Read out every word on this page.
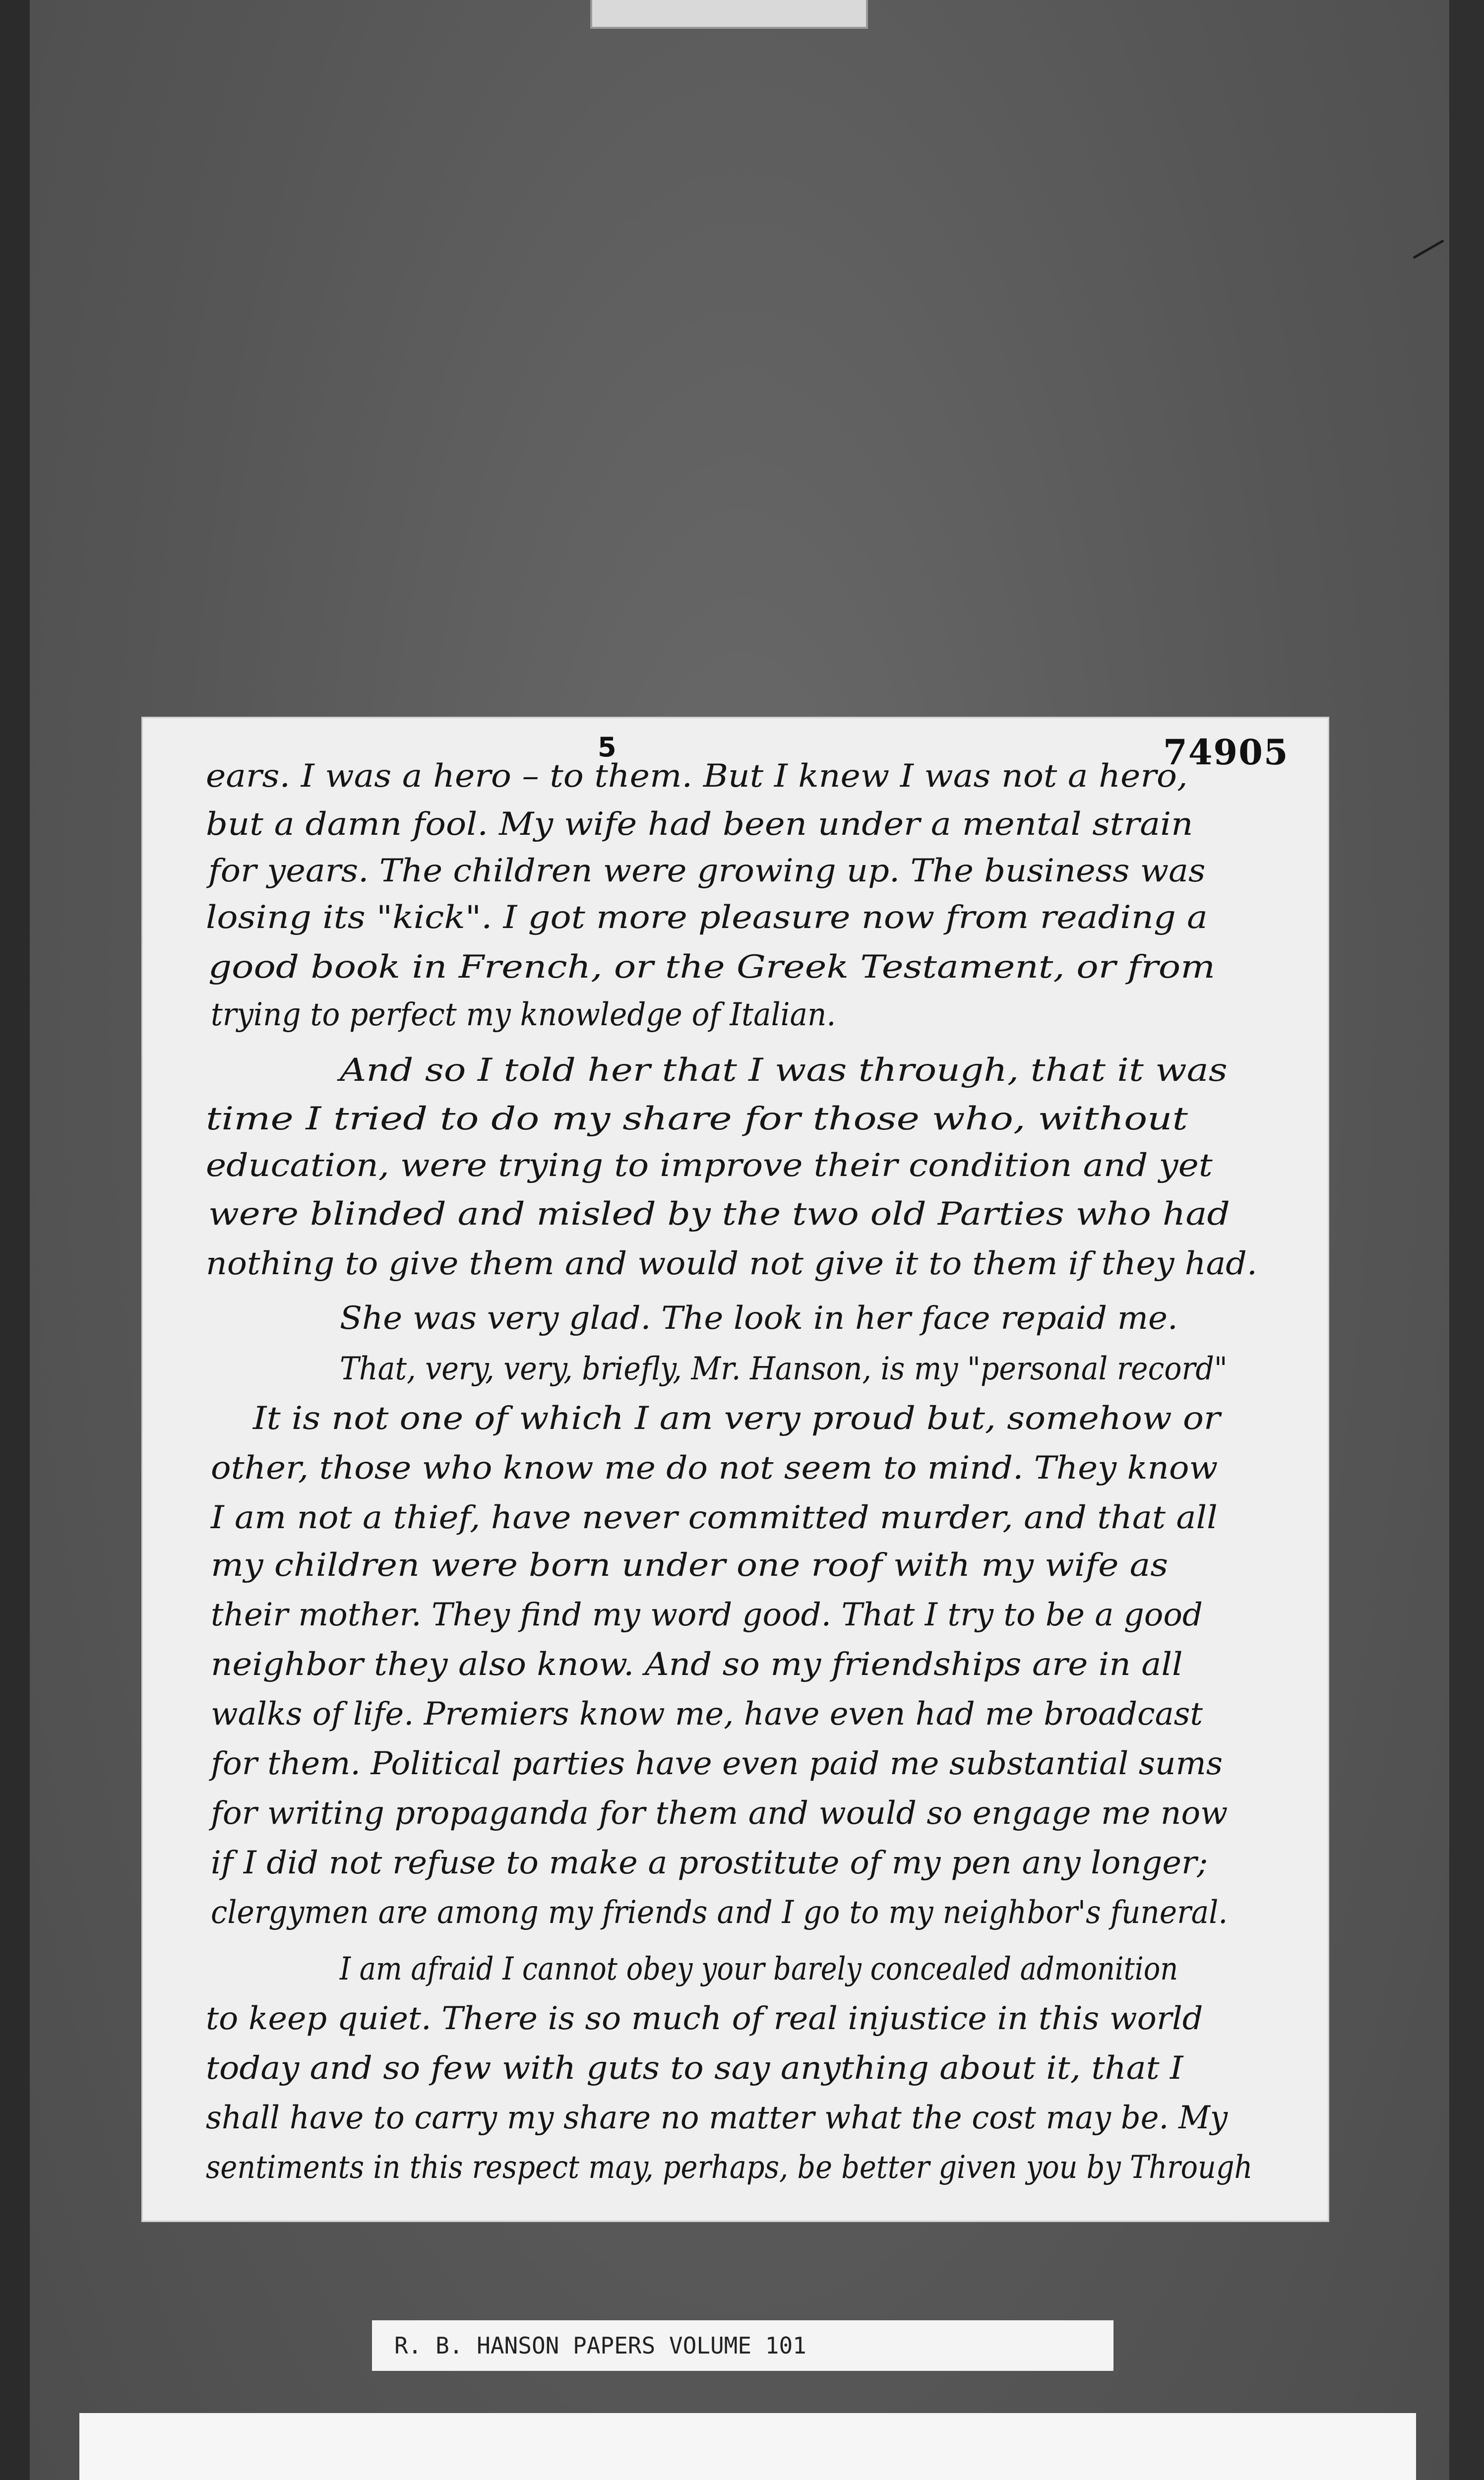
5	74905
ears. I was a hero – to them. But I knew I was not a hero,
but a damn fool. My wife had been under a mental strain
for years. The children were growing up. The business was
losing its "kick". I got more pleasure now from reading a
good book in French, or the Greek Testament, or from
trying to perfect my knowledge of Italian.
And so I told her that I was through, that it was
time I tried to do my share for those who, without
education, were trying to improve their condition and yet
were blinded and misled by the two old Parties who had
nothing to give them and would not give it to them if they had.
She was very glad. The look in her face repaid me.
That, very, very, briefly, Mr. Hanson, is my "personal record"
It is not one of which I am very proud but, somehow or
other, those who know me do not seem to mind. They know
I am not a thief, have never committed murder, and that all
my children were born under one roof with my wife as
their mother. They find my word good. That I try to be a good
neighbor they also know. And so my friendships are in all
walks of life. Premiers know me, have even had me broadcast
for them. Political parties have even paid me substantial sums
for writing propaganda for them and would so engage me now
if I did not refuse to make a prostitute of my pen any longer;
clergymen are among my friends and I go to my neighbor's funeral.
I am afraid I cannot obey your barely concealed admonition
to keep quiet. There is so much of real injustice in this world
today and so few with guts to say anything about it, that I
shall have to carry my share no matter what the cost may be. My
sentiments in this respect may, perhaps, be better given you by Through
R. B. HANSON PAPERS VOLUME 101
